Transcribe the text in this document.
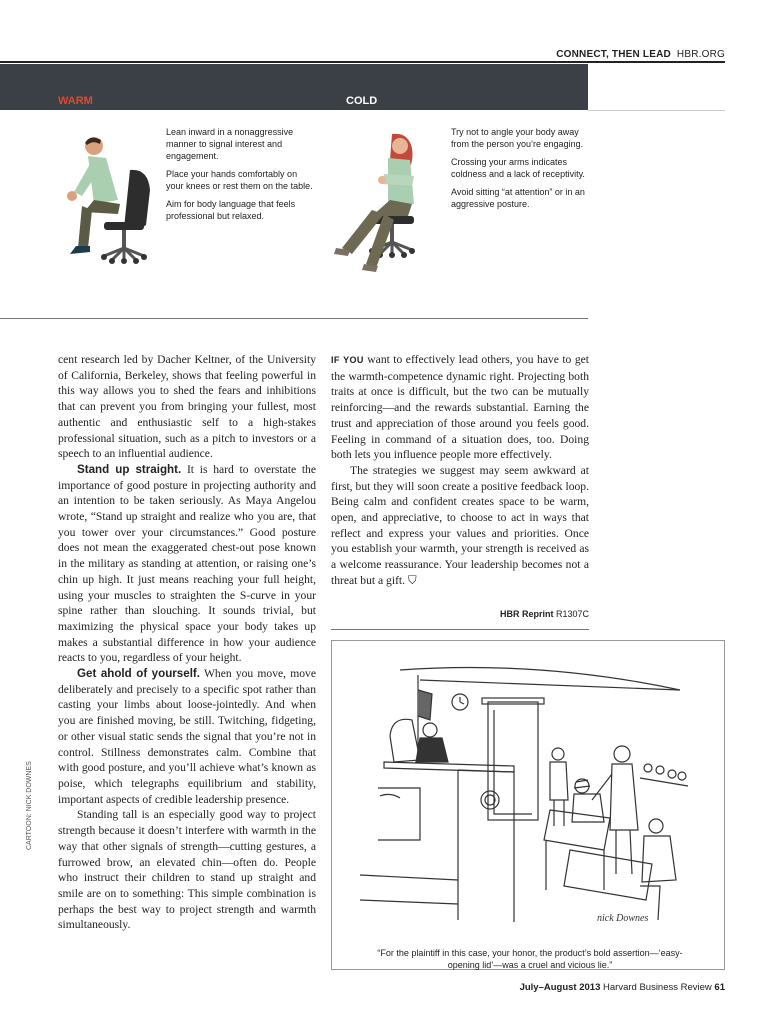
CONNECT, THEN LEAD HBR.ORG
WARM	COLD

Lean inward in a nonaggressive manner to signal interest and engagement.

Place your hands comfortably on your knees or rest them on the table.

Aim for body language that feels professional but relaxed.

Try not to angle your body away from the person you’re engaging.

Crossing your arms indicates coldness and a lack of receptivity.

Avoid sitting “at attention” or in an aggressive posture.

cent research led by Dacher Keltner, of the University of California, Berkeley, shows that feeling powerful in this way allows you to shed the fears and inhibitions that can prevent you from bringing your fullest, most authentic and enthusiastic self to a high-stakes professional situation, such as a pitch to investors or a speech to an influential audience.

Stand up straight. It is hard to overstate the importance of good posture in projecting authority and an intention to be taken seriously. As Maya Angelou wrote, “Stand up straight and realize who you are, that you tower over your circumstances.” Good posture does not mean the exaggerated chest-out pose known in the military as standing at attention, or raising one’s chin up high. It just means reaching your full height, using your muscles to straighten the S-curve in your spine rather than slouching. It sounds trivial, but maximizing the physical space your body takes up makes a substantial difference in how your audience reacts to you, regardless of your height.

Get ahold of yourself. When you move, move deliberately and precisely to a specific spot rather than casting your limbs about loose-jointedly. And when you are finished moving, be still. Twitching, fidgeting, or other visual static sends the signal that you’re not in control. Stillness demonstrates calm. Combine that with good posture, and you’ll achieve what’s known as poise, which telegraphs equilibrium and stability, important aspects of credible leadership presence.

Standing tall is an especially good way to project strength because it doesn’t interfere with warmth in the way that other signals of strength—cutting gestures, a furrowed brow, an elevated chin—often do. People who instruct their children to stand up straight and smile are on to something: This simple combination is perhaps the best way to project strength and warmth simultaneously.

IF YOU want to effectively lead others, you have to get the warmth-competence dynamic right. Projecting both traits at once is difficult, but the two can be mutually reinforcing—and the rewards substantial. Earning the trust and appreciation of those around you feels good. Feeling in command of a situation does, too. Doing both lets you influence people more effectively.

The strategies we suggest may seem awkward at first, but they will soon create a positive feedback loop. Being calm and confident creates space to be warm, open, and appreciative, to choose to act in ways that reflect and express your values and priorities. Once you establish your warmth, your strength is received as a welcome reassurance. Your leadership becomes not a threat but a gift. ⛉

HBR Reprint R1307C
nick Downes
“For the plaintiff in this case, your honor, the product’s bold assertion—‘easy-opening lid’—was a cruel and vicious lie.”
CARTOON: NICK DOWNES
July–August 2013 Harvard Business Review 61
